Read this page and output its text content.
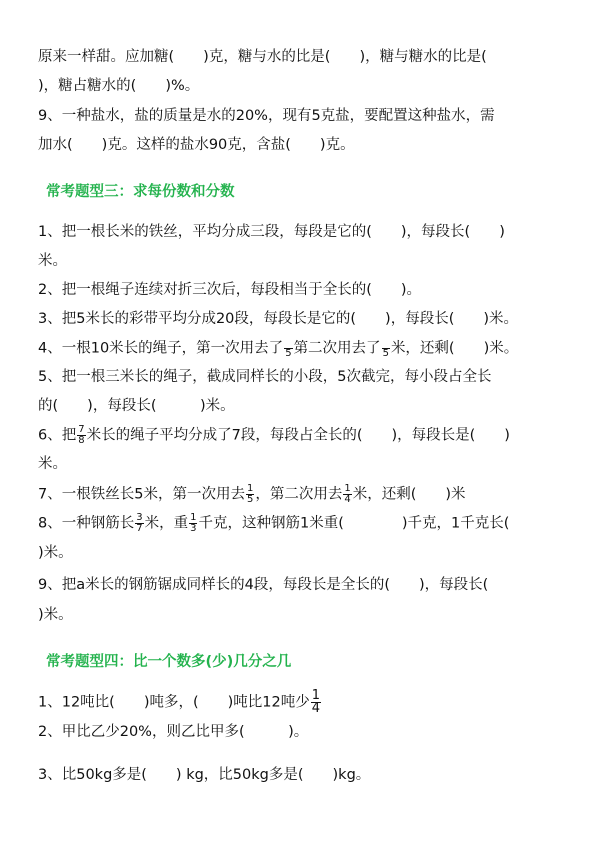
原来一样甜。应加糖(　　)克，糖与水的比是(　　)，糖与糖水的比是(
)，糖占糖水的(　　)%。
9、一种盐水，盐的质量是水的20%，现有5克盐，要配置这种盐水，需
加水(　　)克。这样的盐水90克，含盐(　　)克。
常考题型三：求每份数和分数
1、把一根长米的铁丝，平均分成三段，每段是它的(　　)，每段长(　　)
米。
2、把一根绳子连续对折三次后，每段相当于全长的(　　)。
3、把5米长的彩带平均分成20段，每段长是它的(　　)，每段长(　　)米。
4、一根10米长的绳子，第一次用去了 5 第二次用去了 5 米，还剩(　　)米。
5、把一根三米长的绳子，截成同样长的小段，5次截完，每小段占全长
的(　　)，每段长(　　　)米。
6、把 $\frac{7}{8}$ 米长的绳子平均分成了7段，每段占全长的(　　)，每段长是(　　)
米。
7、一根铁丝长5米，第一次用去 $\frac{1}{5}$ ，第二次用去 $\frac{1}{4}$ 米，还剩(　　)米
8、一种钢筋长 $\frac{3}{7}$ 米，重 $\frac{1}{3}$ 千克，这种钢筋1米重(　　　　)千克，1千克长(
)米。
9、把a米长的钢筋锯成同样长的4段，每段长是全长的(　　)，每段长(
)米。
常考题型四：比一个数多(少)几分之几
1、12吨比(　　)吨多，(　　)吨比12吨少 $\frac{1}{4}$
2、甲比乙少20%，则乙比甲多(　　　)。
3、比50kg多是(　　) kg，比50kg多是(　　)kg。
